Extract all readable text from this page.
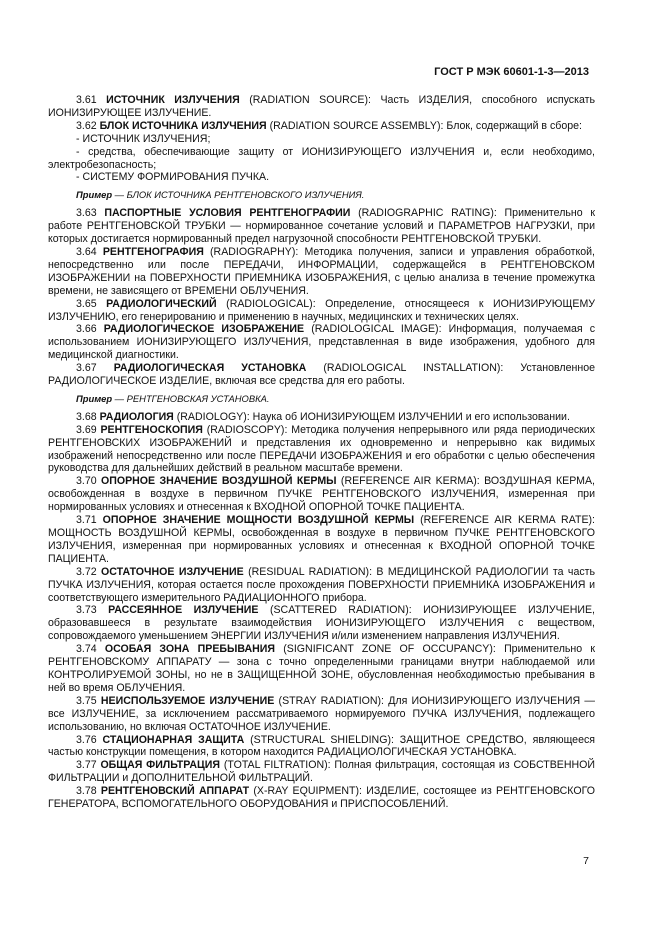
ГОСТ Р МЭК 60601-1-3—2013

3.61 ИСТОЧНИК ИЗЛУЧЕНИЯ (RADIATION SOURCE): Часть ИЗДЕЛИЯ, способного испускать ИОНИЗИРУЮЩЕЕ ИЗЛУЧЕНИЕ.

3.62 БЛОК ИСТОЧНИКА ИЗЛУЧЕНИЯ (RADIATION SOURCE ASSEMBLY): Блок, содержащий в сборе:

- ИСТОЧНИК ИЗЛУЧЕНИЯ;

- средства, обеспечивающие защиту от ИОНИЗИРУЮЩЕГО ИЗЛУЧЕНИЯ и, если необходимо, электробезопасность;

- СИСТЕМУ ФОРМИРОВАНИЯ ПУЧКА.

Пример — БЛОК ИСТОЧНИКА РЕНТГЕНОВСКОГО ИЗЛУЧЕНИЯ.

3.63 ПАСПОРТНЫЕ УСЛОВИЯ РЕНТГЕНОГРАФИИ (RADIOGRAPHIC RATING): Применительно к работе РЕНТГЕНОВСКОЙ ТРУБКИ — нормированное сочетание условий и ПАРАМЕТРОВ НАГРУЗКИ, при которых достигается нормированный предел нагрузочной способности РЕНТГЕНОВСКОЙ ТРУБКИ.

3.64 РЕНТГЕНОГРАФИЯ (RADIOGRAPHY): Методика получения, записи и управления обработкой, непосредственно или после ПЕРЕДАЧИ, ИНФОРМАЦИИ, содержащейся в РЕНТГЕНОВСКОМ ИЗОБРАЖЕНИИ на ПОВЕРХНОСТИ ПРИЕМНИКА ИЗОБРАЖЕНИЯ, с целью анализа в течение промежутка времени, не зависящего от ВРЕМЕНИ ОБЛУЧЕНИЯ.

3.65 РАДИОЛОГИЧЕСКИЙ (RADIOLOGICAL): Определение, относящееся к ИОНИЗИРУЮЩЕМУ ИЗЛУЧЕНИЮ, его генерированию и применению в научных, медицинских и технических целях.

3.66 РАДИОЛОГИЧЕСКОЕ ИЗОБРАЖЕНИЕ (RADIOLOGICAL IMAGE): Информация, получаемая с использованием ИОНИЗИРУЮЩЕГО ИЗЛУЧЕНИЯ, представленная в виде изображения, удобного для медицинской диагностики.

3.67 РАДИОЛОГИЧЕСКАЯ УСТАНОВКА (RADIOLOGICAL INSTALLATION): Установленное РАДИОЛОГИЧЕСКОЕ ИЗДЕЛИЕ, включая все средства для его работы.

Пример — РЕНТГЕНОВСКАЯ УСТАНОВКА.

3.68 РАДИОЛОГИЯ (RADIOLOGY): Наука об ИОНИЗИРУЮЩЕМ ИЗЛУЧЕНИИ и его использовании.

3.69 РЕНТГЕНОСКОПИЯ (RADIOSCOPY): Методика получения непрерывного или ряда периодических РЕНТГЕНОВСКИХ ИЗОБРАЖЕНИЙ и представления их одновременно и непрерывно как видимых изображений непосредственно или после ПЕРЕДАЧИ ИЗОБРАЖЕНИЯ и его обработки с целью обеспечения руководства для дальнейших действий в реальном масштабе времени.

3.70 ОПОРНОЕ ЗНАЧЕНИЕ ВОЗДУШНОЙ КЕРМЫ (REFERENCE AIR KERMA): ВОЗДУШНАЯ КЕРМА, освобожденная в воздухе в первичном ПУЧКЕ РЕНТГЕНОВСКОГО ИЗЛУЧЕНИЯ, измеренная при нормированных условиях и отнесенная к ВХОДНОЙ ОПОРНОЙ ТОЧКЕ ПАЦИЕНТА.

3.71 ОПОРНОЕ ЗНАЧЕНИЕ МОЩНОСТИ ВОЗДУШНОЙ КЕРМЫ (REFERENCE AIR KERMA RATE): МОЩНОСТЬ ВОЗДУШНОЙ КЕРМЫ, освобожденная в воздухе в первичном ПУЧКЕ РЕНТГЕНОВСКОГО ИЗЛУЧЕНИЯ, измеренная при нормированных условиях и отнесенная к ВХОДНОЙ ОПОРНОЙ ТОЧКЕ ПАЦИЕНТА.

3.72 ОСТАТОЧНОЕ ИЗЛУЧЕНИЕ (RESIDUAL RADIATION): В МЕДИЦИНСКОЙ РАДИОЛОГИИ та часть ПУЧКА ИЗЛУЧЕНИЯ, которая остается после прохождения ПОВЕРХНОСТИ ПРИЕМНИКА ИЗОБРАЖЕНИЯ и соответствующего измерительного РАДИАЦИОННОГО прибора.

3.73 РАССЕЯННОЕ ИЗЛУЧЕНИЕ (SCATTERED RADIATION): ИОНИЗИРУЮЩЕЕ ИЗЛУЧЕНИЕ, образовавшееся в результате взаимодействия ИОНИЗИРУЮЩЕГО ИЗЛУЧЕНИЯ с веществом, сопровождаемого уменьшением ЭНЕРГИИ ИЗЛУЧЕНИЯ и/или изменением направления ИЗЛУЧЕНИЯ.

3.74 ОСОБАЯ ЗОНА ПРЕБЫВАНИЯ (SIGNIFICANT ZONE OF OCCUPANCY): Применительно к РЕНТГЕНОВСКОМУ АППАРАТУ — зона с точно определенными границами внутри наблюдаемой или КОНТРОЛИРУЕМОЙ ЗОНЫ, но не в ЗАЩИЩЕННОЙ ЗОНЕ, обусловленная необходимостью пребывания в ней во время ОБЛУЧЕНИЯ.

3.75 НЕИСПОЛЬЗУЕМОЕ ИЗЛУЧЕНИЕ (STRAY RADIATION): Для ИОНИЗИРУЮЩЕГО ИЗЛУЧЕНИЯ — все ИЗЛУЧЕНИЕ, за исключением рассматриваемого нормируемого ПУЧКА ИЗЛУЧЕНИЯ, подлежащего использованию, но включая ОСТАТОЧНОЕ ИЗЛУЧЕНИЕ.

3.76 СТАЦИОНАРНАЯ ЗАЩИТА (STRUCTURAL SHIELDING): ЗАЩИТНОЕ СРЕДСТВО, являющееся частью конструкции помещения, в котором находится РАДИАЦИОЛОГИЧЕСКАЯ УСТАНОВКА.

3.77 ОБЩАЯ ФИЛЬТРАЦИЯ (TOTAL FILTRATION): Полная фильтрация, состоящая из СОБСТВЕННОЙ ФИЛЬТРАЦИИ и ДОПОЛНИТЕЛЬНОЙ ФИЛЬТРАЦИЙ.

3.78 РЕНТГЕНОВСКИЙ АППАРАТ (X-RAY EQUIPMENT): ИЗДЕЛИЕ, состоящее из РЕНТГЕНОВСКОГО ГЕНЕРАТОРА, ВСПОМОГАТЕЛЬНОГО ОБОРУДОВАНИЯ и ПРИСПОСОБЛЕНИЙ.

7
